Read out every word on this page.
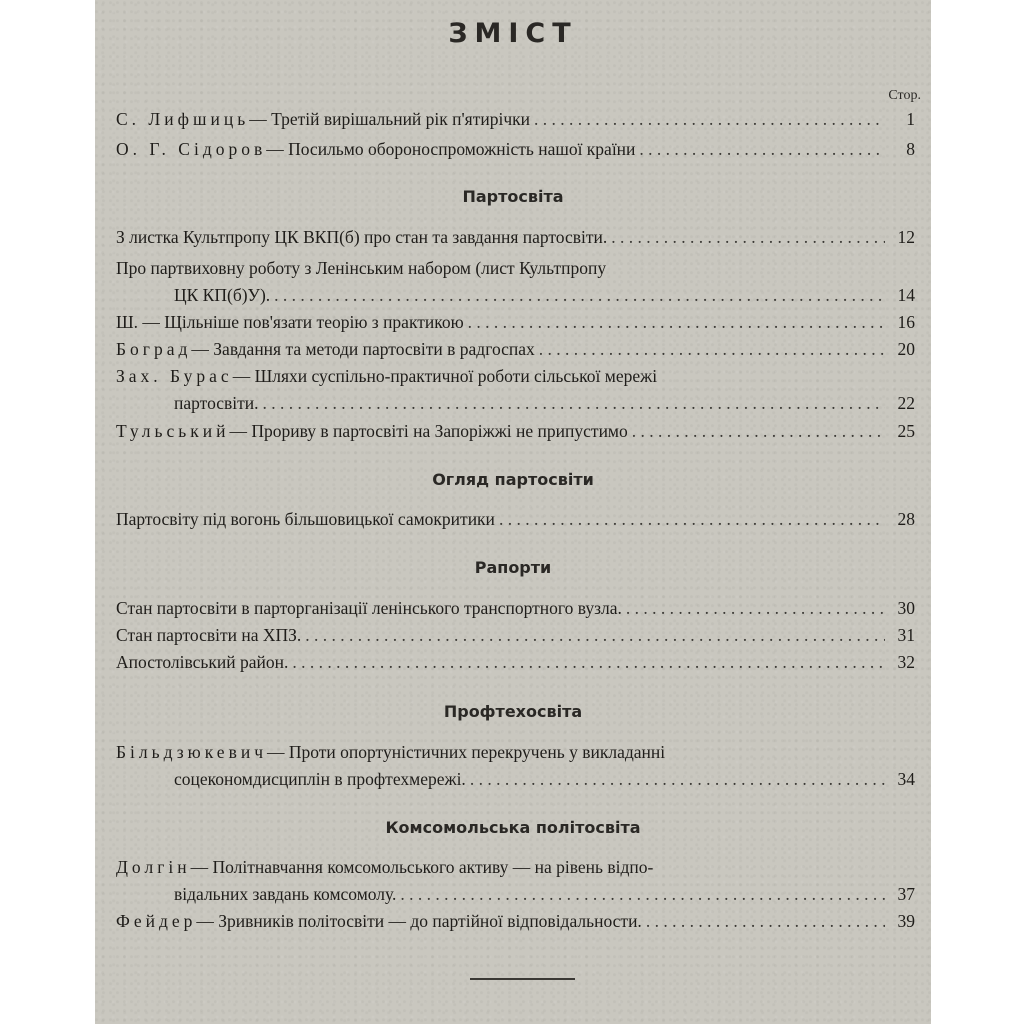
ЗМІСТ
Стор.
С. Лифшиць— Третій вирішальний рік п'ятирічки . . .	1
О. Г. Сідоров— Посильмо обороноспроможність нашої країни . . .	8
Партосвіта
З листка Культпропу ЦК ВКП(б) про стан та завдання партосвіти. . . .	12
Про партвиховну роботу з Ленінським набором (лист Культпропу
ЦК КП(б)У). . . .	14
Ш. — Щільніше пов'язати теорію з практикою . . .	16
Боград— Завдання та методи партосвіти в радгоспах . . .	20
Зах. Бурас— Шляхи суспільно-практичної роботи сільської мережі
партосвіти. . . .	22
Тульський— Прориву в партосвіті на Запоріжжі не припустимо . . .	25
Огляд партосвіти
Партосвіту під вогонь більшовицької самокритики . . .	28
Рапорти
Стан партосвіти в парторганізації ленінського транспортного вузла. . . .	30
Стан партосвіти на ХПЗ. . . .	31
Апостолівський район. . . .	32
Профтехосвіта
Більдзюкевич— Проти опортуністичних перекручень у викладанні
соцекономдисциплін в профтехмережі. . . .	34
Комсомольська політосвіта
Долгін— Політнавчання комсомольського активу — на рівень відпо-
відальних завдань комсомолу. . . .	37
Фейдер— Зривників політосвіти — до партійної відповідальности. . . .	39
